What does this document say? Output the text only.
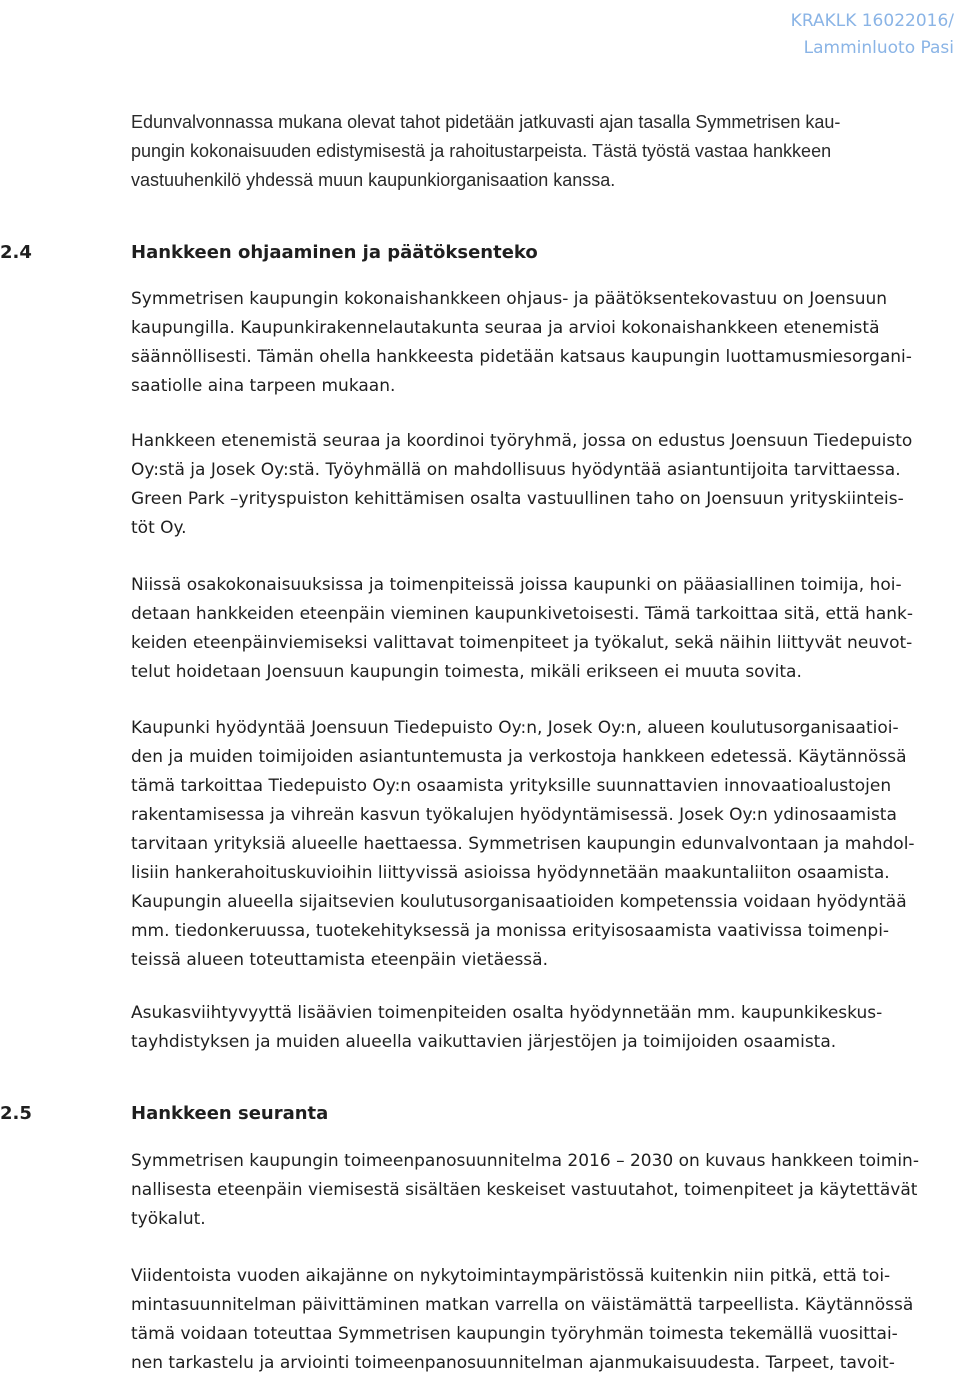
KRAKLK 16022016/
Lamminluoto Pasi
Edunvalvonnassa mukana olevat tahot pidetään jatkuvasti ajan tasalla Symmetrisen kau-
pungin kokonaisuuden edistymisestä ja rahoitustarpeista. Tästä työstä vastaa hankkeen
vastuuhenkilö yhdessä muun kaupunkiorganisaation kanssa.
2.4	Hankkeen ohjaaminen ja päätöksenteko
Symmetrisen kaupungin kokonaishankkeen ohjaus- ja päätöksentekovastuu on Joensuun
kaupungilla. Kaupunkirakennelautakunta seuraa ja arvioi kokonaishankkeen etenemistä
säännöllisesti. Tämän ohella hankkeesta pidetään katsaus kaupungin luottamusmiesorgani-
saatiolle aina tarpeen mukaan.
Hankkeen etenemistä seuraa ja koordinoi työryhmä, jossa on edustus Joensuun Tiedepuisto
Oy:stä ja Josek Oy:stä. Työyhmällä on mahdollisuus hyödyntää asiantuntijoita tarvittaessa.
Green Park –yrityspuiston kehittämisen osalta vastuullinen taho on Joensuun yrityskiinteis-
töt Oy.
Niissä osakokonaisuuksissa ja toimenpiteissä joissa kaupunki on pääasiallinen toimija, hoi-
detaan hankkeiden eteenpäin vieminen kaupunkivetoisesti. Tämä tarkoittaa sitä, että hank-
keiden eteenpäinviemiseksi valittavat toimenpiteet ja työkalut, sekä näihin liittyvät neuvot-
telut hoidetaan Joensuun kaupungin toimesta, mikäli erikseen ei muuta sovita.
Kaupunki hyödyntää Joensuun Tiedepuisto Oy:n, Josek Oy:n, alueen koulutusorganisaatioi-
den ja muiden toimijoiden asiantuntemusta ja verkostoja hankkeen edetessä. Käytännössä
tämä tarkoittaa Tiedepuisto Oy:n osaamista yrityksille suunnattavien innovaatioalustojen
rakentamisessa ja vihreän kasvun työkalujen hyödyntämisessä. Josek Oy:n ydinosaamista
tarvitaan yrityksiä alueelle haettaessa. Symmetrisen kaupungin edunvalvontaan ja mahdol-
lisiin hankerahoituskuvioihin liittyvissä asioissa hyödynnetään maakuntaliiton osaamista.
Kaupungin alueella sijaitsevien koulutusorganisaatioiden kompetenssia voidaan hyödyntää
mm. tiedonkeruussa, tuotekehityksessä ja monissa erityisosaamista vaativissa toimenpi-
teissä alueen toteuttamista eteenpäin vietäessä.
Asukasviihtyvyyttä lisäävien toimenpiteiden osalta hyödynnetään mm. kaupunkikeskus-
tayhdistyksen ja muiden alueella vaikuttavien järjestöjen ja toimijoiden osaamista.
2.5	Hankkeen seuranta
Symmetrisen kaupungin toimeenpanosuunnitelma 2016 – 2030 on kuvaus hankkeen toimin-
nallisesta eteenpäin viemisestä sisältäen keskeiset vastuutahot, toimenpiteet ja käytettävät
työkalut.
Viidentoista vuoden aikajänne on nykytoimintaympäristössä kuitenkin niin pitkä, että toi-
mintasuunnitelman päivittäminen matkan varrella on väistämättä tarpeellista. Käytännössä
tämä voidaan toteuttaa Symmetrisen kaupungin työryhmän toimesta tekemällä vuosittai-
nen tarkastelu ja arviointi toimeenpanosuunnitelman ajanmukaisuudesta. Tarpeet, tavoit-
